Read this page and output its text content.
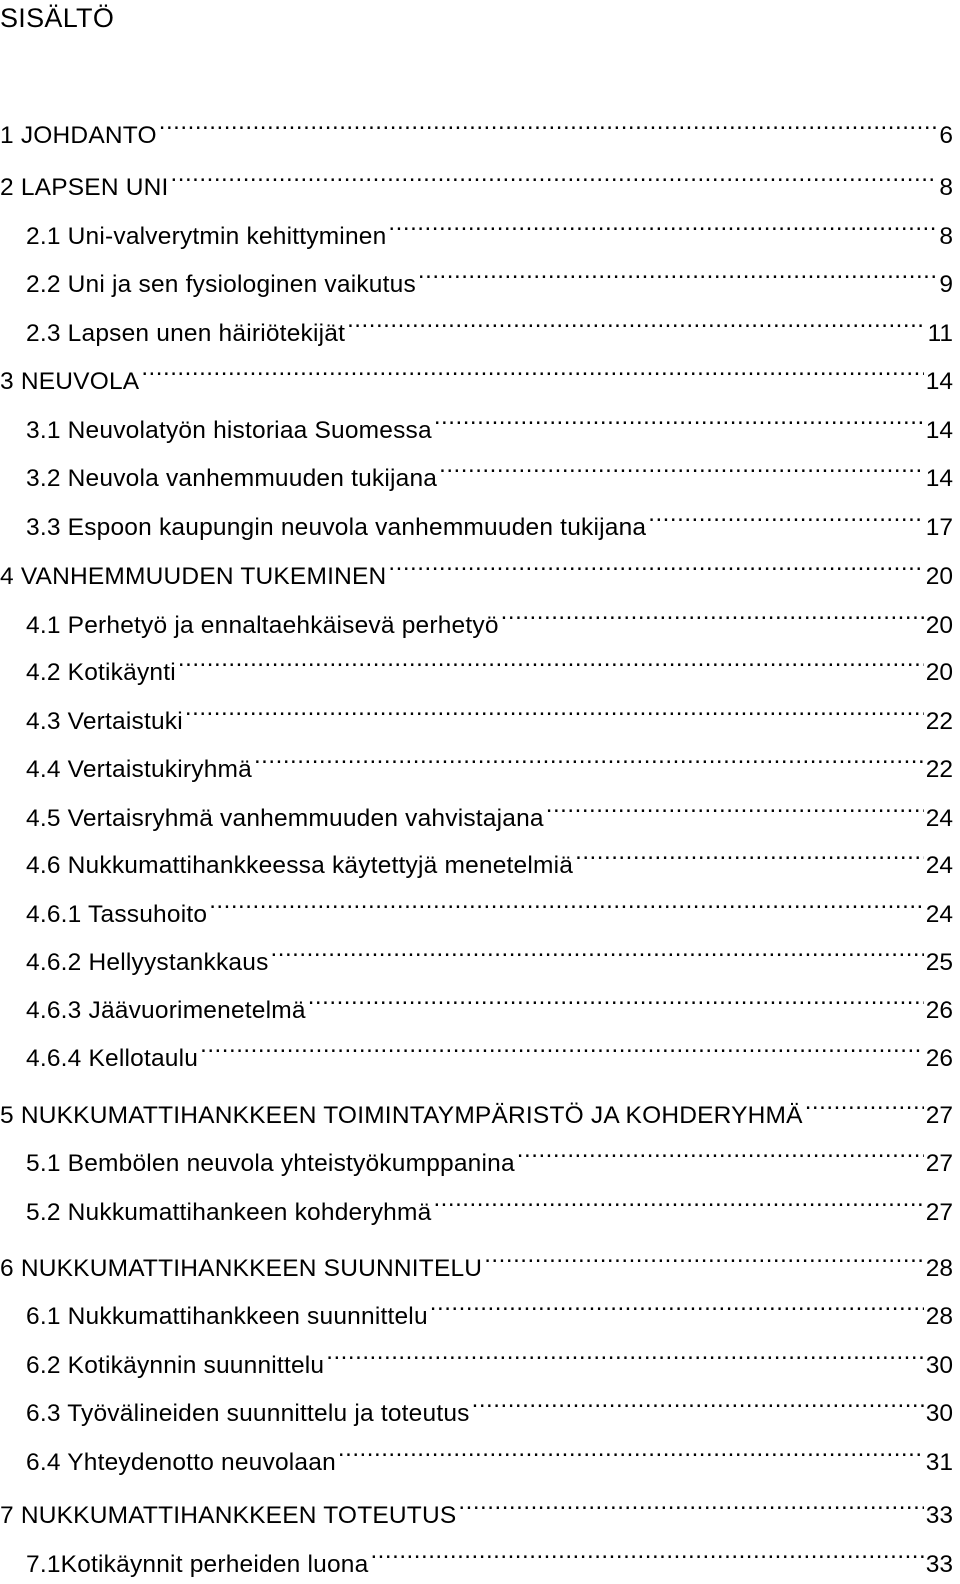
SISÄLTÖ
1 JOHDANTO .....	6
2 LAPSEN UNI .....	8
2.1 Uni-valverytmin kehittyminen .....	8
2.2 Uni ja sen fysiologinen vaikutus .....	9
2.3 Lapsen unen häiriötekijät .....	11
3 NEUVOLA .....	14
3.1 Neuvolatyön historiaa Suomessa .....	14
3.2 Neuvola vanhemmuuden tukijana .....	14
3.3 Espoon kaupungin neuvola vanhemmuuden tukijana .....	17
4 VANHEMMUUDEN TUKEMINEN .....	20
4.1 Perhetyö ja ennaltaehkäisevä perhetyö .....	20
4.2 Kotikäynti .....	20
4.3 Vertaistuki .....	22
4.4 Vertaistukiryhmä .....	22
4.5 Vertaisryhmä vanhemmuuden vahvistajana .....	24
4.6 Nukkumattihankkeessa käytettyjä menetelmiä .....	24
4.6.1 Tassuhoito .....	24
4.6.2 Hellyystankkaus .....	25
4.6.3 Jäävuorimenetelmä .....	26
4.6.4 Kellotaulu .....	26
5 NUKKUMATTIHANKKEEN TOIMINTAYMPÄRISTÖ JA KOHDERYHMÄ .....	27
5.1 Bembölen neuvola yhteistyökumppanina .....	27
5.2 Nukkumattihankeen kohderyhmä .....	27
6 NUKKUMATTIHANKKEEN SUUNNITELU .....	28
6.1 Nukkumattihankkeen suunnittelu .....	28
6.2 Kotikäynnin suunnittelu .....	30
6.3 Työvälineiden suunnittelu ja toteutus .....	30
6.4 Yhteydenotto neuvolaan .....	31
7 NUKKUMATTIHANKKEEN TOTEUTUS .....	33
7.1Kotikäynnit perheiden luona .....	33
